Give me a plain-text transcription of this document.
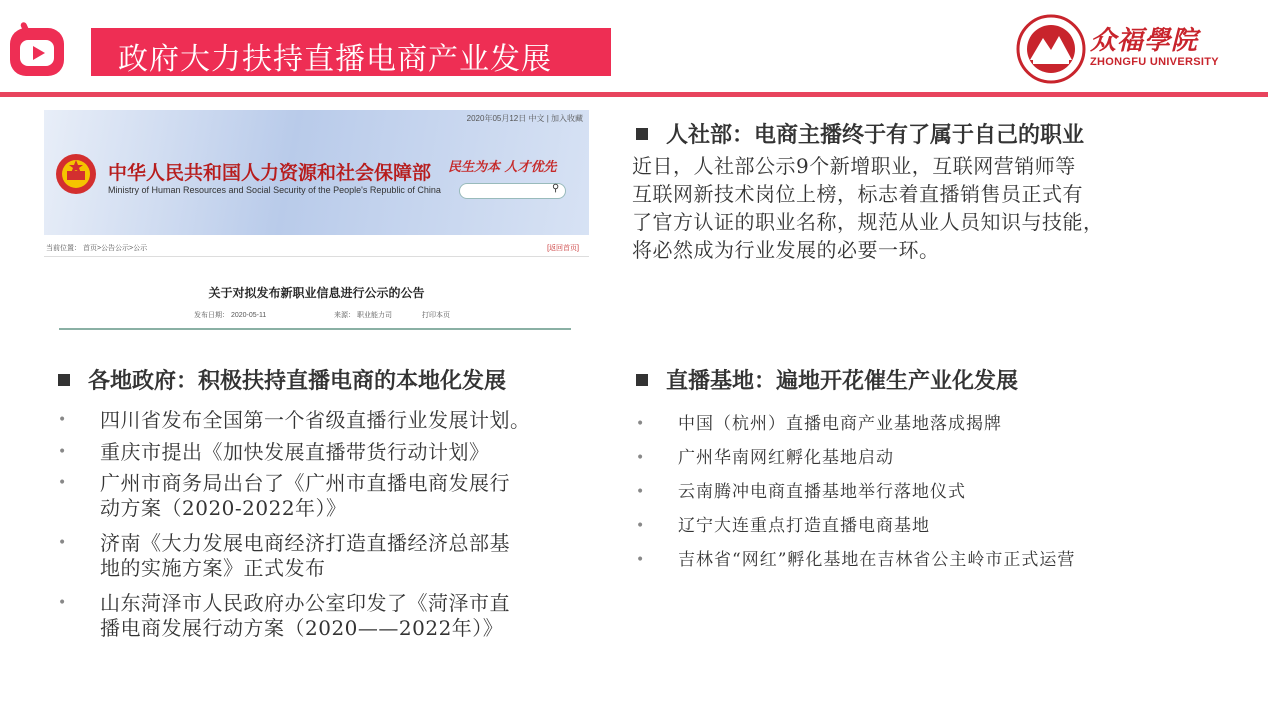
政府大力扶持直播电商产业发展
众福學院
ZHONGFU UNIVERSITY
2020年05月12日 中文 | 加入收藏
中华人民共和国人力资源和社会保障部
Ministry of Human Resources and Social Security of the People's Republic of China
民生为本 人才优先
⚲
当前位置： 首页>公告公示>公示	[返回首页]
关于对拟发布新职业信息进行公示的公告
发布日期： 2020-05-11	来源： 职业能力司	打印本页
人社部：电商主播终于有了属于自己的职业
近日，人社部公示9个新增职业，互联网营销师等
互联网新技术岗位上榜，标志着直播销售员正式有
了官方认证的职业名称，规范从业人员知识与技能，
将必然成为行业发展的必要一环。
各地政府：积极扶持直播电商的本地化发展
• 四川省发布全国第一个省级直播行业发展计划。
• 重庆市提出《加快发展直播带货行动计划》
• 广州市商务局出台了《广州市直播电商发展行
动方案（2020-2022年）》
• 济南《大力发展电商经济打造直播经济总部基
地的实施方案》正式发布
• 山东菏泽市人民政府办公室印发了《菏泽市直
播电商发展行动方案（2020——2022年）》
直播基地：遍地开花催生产业化发展
• 中国（杭州）直播电商产业基地落成揭牌
• 广州华南网红孵化基地启动
• 云南腾冲电商直播基地举行落地仪式
• 辽宁大连重点打造直播电商基地
• 吉林省“网红”孵化基地在吉林省公主岭市正式运营
